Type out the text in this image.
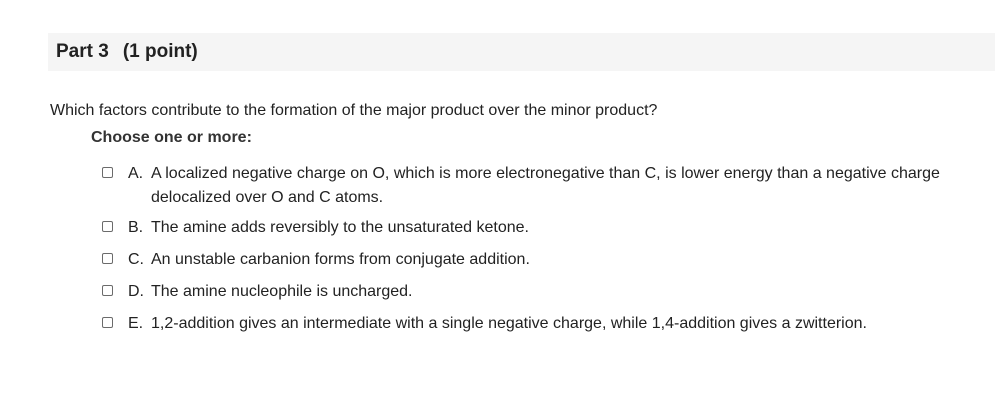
Part 3 (1 point)
Which factors contribute to the formation of the major product over the minor product?
Choose one or more:
A. A localized negative charge on O, which is more electronegative than C, is lower energy than a negative charge delocalized over O and C atoms.
B. The amine adds reversibly to the unsaturated ketone.
C. An unstable carbanion forms from conjugate addition.
D. The amine nucleophile is uncharged.
E. 1,2-addition gives an intermediate with a single negative charge, while 1,4-addition gives a zwitterion.
